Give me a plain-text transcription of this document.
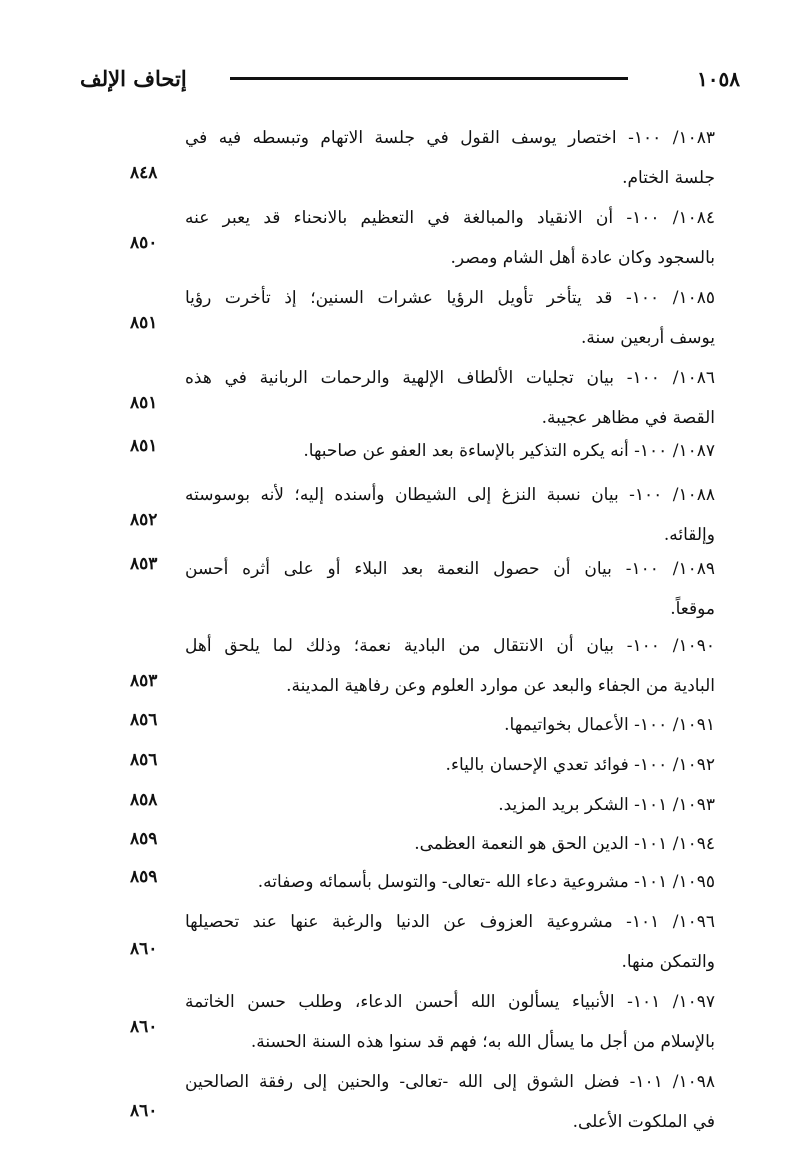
إتحاف الإلف	١٠٥٨
١٠٨٣/ ١٠٠- اختصار يوسف القول في جلسة الاتهام وتبسطه فيه في
جلسة الختام.
٨٤٨
١٠٨٤/ ١٠٠- أن الانقياد والمبالغة في التعظيم بالانحناء قد يعبر عنه
بالسجود وكان عادة أهل الشام ومصر.
٨٥٠
١٠٨٥/ ١٠٠- قد يتأخر تأويل الرؤيا عشرات السنين؛ إذ تأخرت رؤيا
يوسف أربعين سنة.
٨٥١
١٠٨٦/ ١٠٠- بيان تجليات الألطاف الإلهية والرحمات الربانية في هذه
القصة في مظاهر عجيبة.
٨٥١
١٠٨٧/ ١٠٠- أنه يكره التذكير بالإساءة بعد العفو عن صاحبها.
٨٥١
١٠٨٨/ ١٠٠- بيان نسبة النزغ إلى الشيطان وأسنده إليه؛ لأنه بوسوسته
وإلقائه.
٨٥٢
١٠٨٩/ ١٠٠- بيان أن حصول النعمة بعد البلاء أو على أثره أحسن
موقعاً.
٨٥٣
١٠٩٠/ ١٠٠- بيان أن الانتقال من البادية نعمة؛ وذلك لما يلحق أهل
البادية من الجفاء والبعد عن موارد العلوم وعن رفاهية المدينة.
٨٥٣
١٠٩١/ ١٠٠- الأعمال بخواتيمها.
٨٥٦
١٠٩٢/ ١٠٠- فوائد تعدي الإحسان بالياء.
٨٥٦
١٠٩٣/ ١٠١- الشكر بريد المزيد.
٨٥٨
١٠٩٤/ ١٠١- الدين الحق هو النعمة العظمى.
٨٥٩
١٠٩٥/ ١٠١- مشروعية دعاء الله -تعالى- والتوسل بأسمائه وصفاته.
٨٥٩
١٠٩٦/ ١٠١- مشروعية العزوف عن الدنيا والرغبة عنها عند تحصيلها
والتمكن منها.
٨٦٠
١٠٩٧/ ١٠١- الأنبياء يسألون الله أحسن الدعاء، وطلب حسن الخاتمة
بالإسلام من أجل ما يسأل الله به؛ فهم قد سنوا هذه السنة الحسنة.
٨٦٠
١٠٩٨/ ١٠١- فضل الشوق إلى الله -تعالى- والحنين إلى رفقة الصالحين
في الملكوت الأعلى.
٨٦٠
